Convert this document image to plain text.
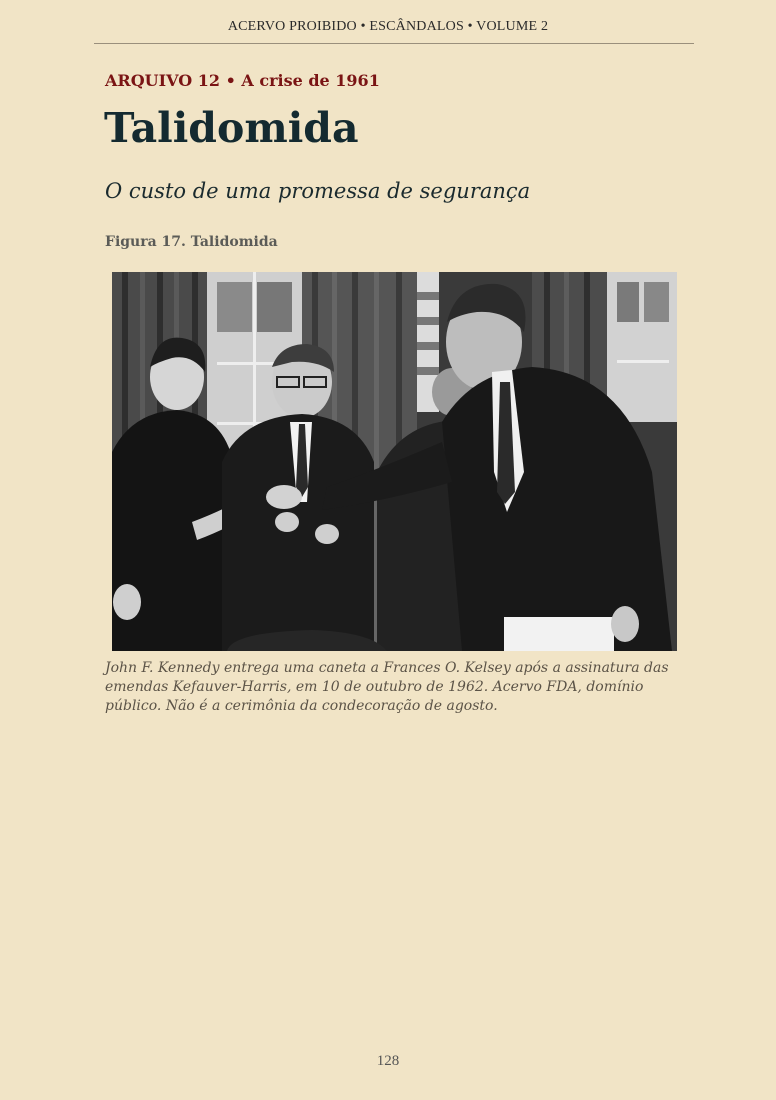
ACERVO PROIBIDO • ESCÂNDALOS • VOLUME 2
ARQUIVO 12 • A crise de 1961
Talidomida
O custo de uma promessa de segurança
Figura 17. Talidomida
John F. Kennedy entrega uma caneta a Frances O. Kelsey após a assinatura das
emendas Kefauver-Harris, em 10 de outubro de 1962. Acervo FDA, domínio
público. Não é a cerimônia da condecoração de agosto.
128
